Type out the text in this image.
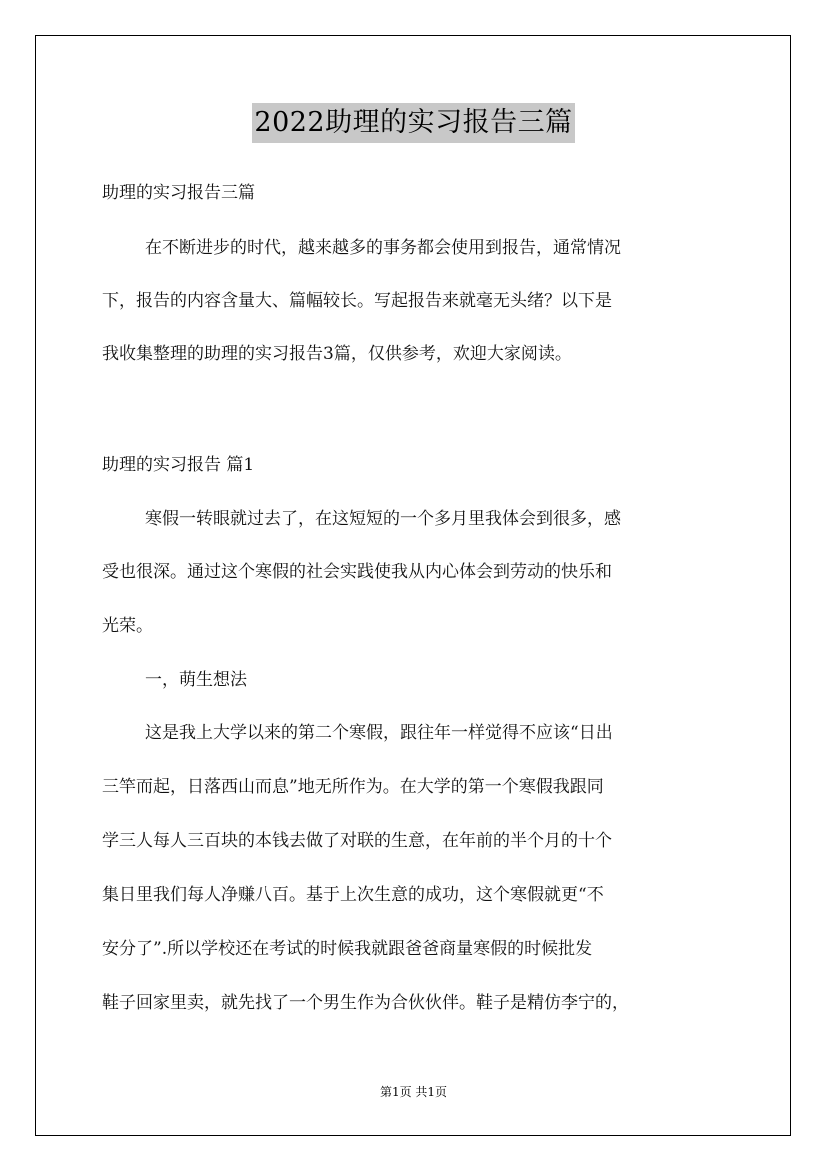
2022助理的实习报告三篇
助理的实习报告三篇
在不断进步的时代，越来越多的事务都会使用到报告，通常情况
下，报告的内容含量大、篇幅较长。写起报告来就毫无头绪？以下是
我收集整理的助理的实习报告3篇，仅供参考，欢迎大家阅读。
助理的实习报告 篇1
寒假一转眼就过去了，在这短短的一个多月里我体会到很多，感
受也很深。通过这个寒假的社会实践使我从内心体会到劳动的快乐和
光荣。
一，萌生想法
这是我上大学以来的第二个寒假，跟往年一样觉得不应该“日出
三竿而起，日落西山而息”地无所作为。在大学的第一个寒假我跟同
学三人每人三百块的本钱去做了对联的生意，在年前的半个月的十个
集日里我们每人净赚八百。基于上次生意的成功，这个寒假就更“不
安分了”.所以学校还在考试的时候我就跟爸爸商量寒假的时候批发
鞋子回家里卖，就先找了一个男生作为合伙伙伴。鞋子是精仿李宁的，
第1页 共1页
